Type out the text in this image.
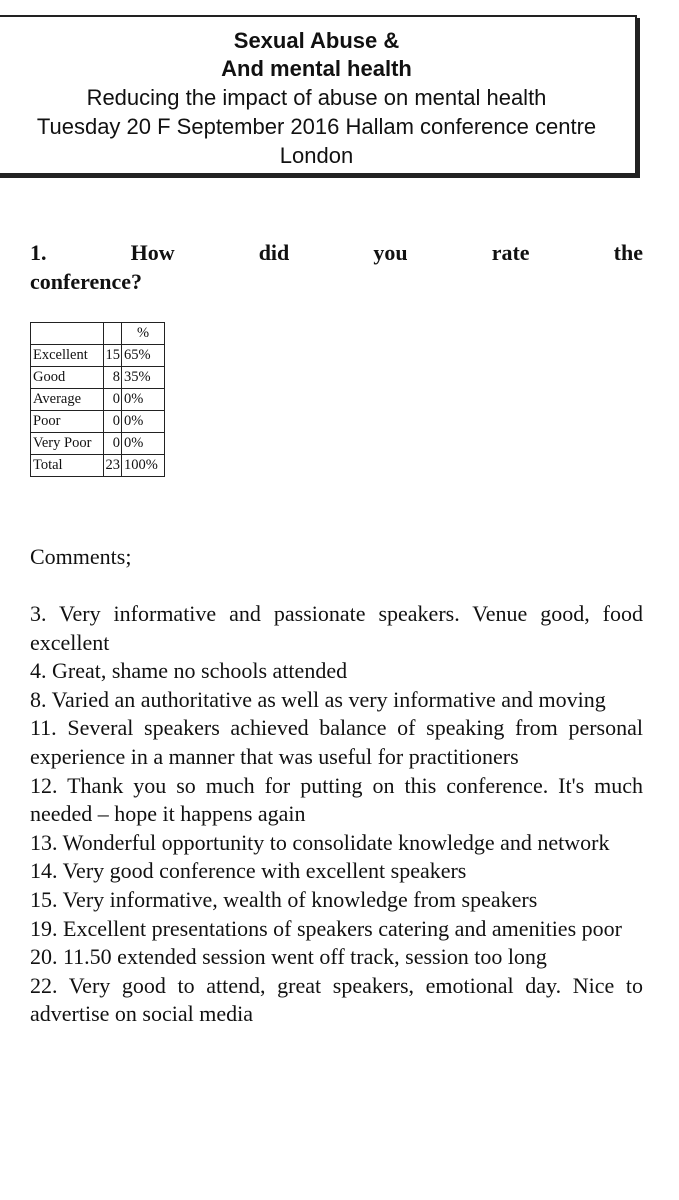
Sexual Abuse &
And mental health
Reducing the impact of abuse on mental health
Tuesday 20 F September 2016 Hallam conference centre
London
1.	How	did	you	rate	the
conference?
		%
Excellent	15	65%
Good	8	35%
Average	0	0%
Poor	0	0%
Very Poor	0	0%
Total	23	100%
Comments;

3. Very informative and passionate speakers. Venue good, food excellent

4. Great, shame no schools attended

8. Varied an authoritative as well as very informative and moving

11. Several speakers achieved balance of speaking from personal experience in a manner that was useful for practitioners

12. Thank you so much for putting on this conference. It's much needed – hope it happens again

13. Wonderful opportunity to consolidate knowledge and network

14. Very good conference with excellent speakers

15. Very informative, wealth of knowledge from speakers

19. Excellent presentations of speakers catering and amenities poor

20. 11.50 extended session went off track, session too long

22. Very good to attend, great speakers, emotional day. Nice to advertise on social media
